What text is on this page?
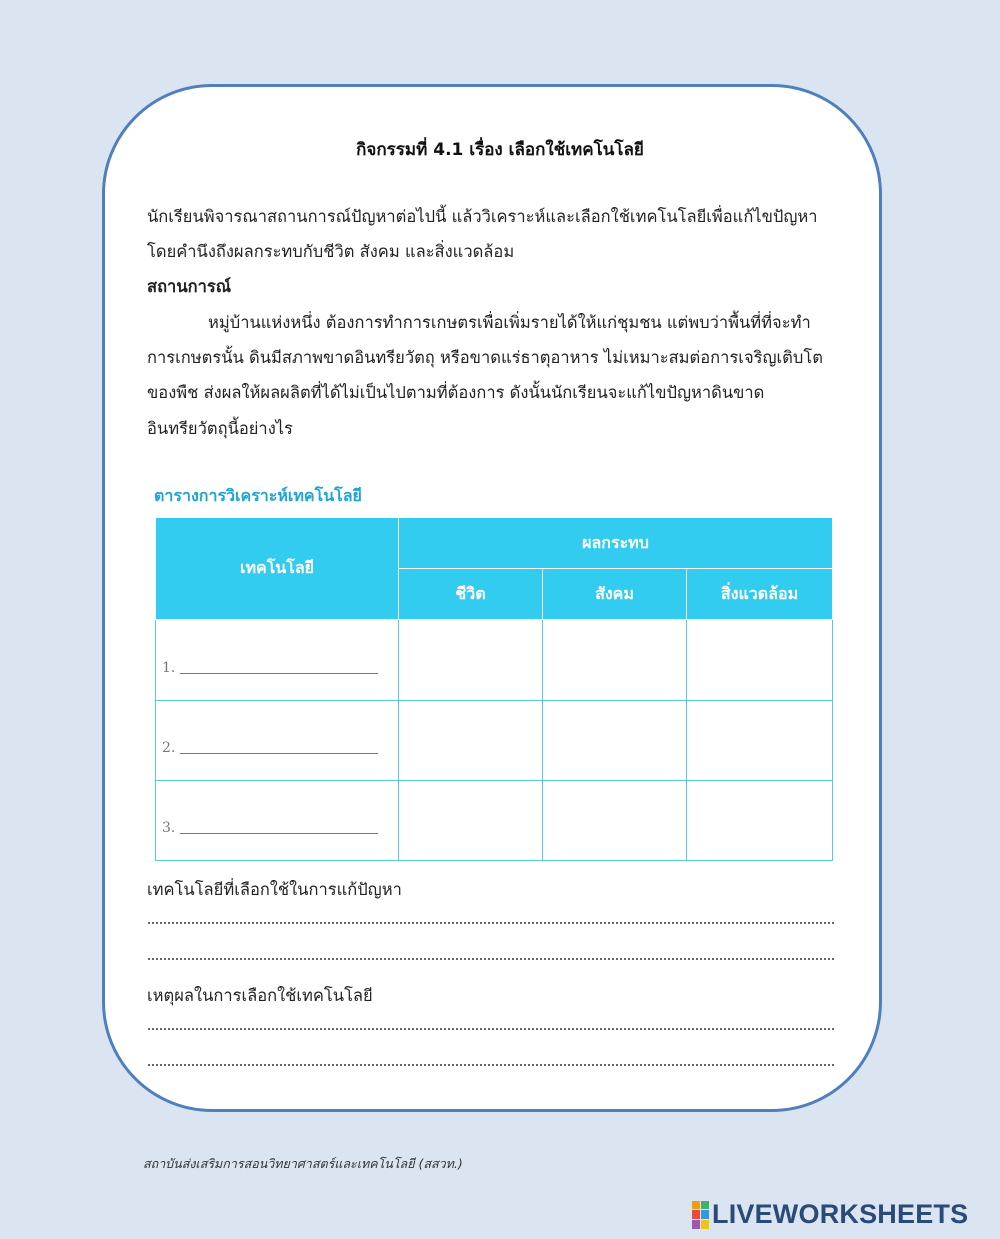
กิจกรรมที่ 4.1 เรื่อง เลือกใช้เทคโนโลยี
นักเรียนพิจารณาสถานการณ์ปัญหาต่อไปนี้ แล้ววิเคราะห์และเลือกใช้เทคโนโลยีเพื่อแก้ไขปัญหา
โดยคำนึงถึงผลกระทบกับชีวิต สังคม และสิ่งแวดล้อม
สถานการณ์
หมู่บ้านแห่งหนึ่ง ต้องการทำการเกษตรเพื่อเพิ่มรายได้ให้แก่ชุมชน แต่พบว่าพื้นที่ที่จะทำ
การเกษตรนั้น ดินมีสภาพขาดอินทรียวัตถุ หรือขาดแร่ธาตุอาหาร ไม่เหมาะสมต่อการเจริญเติบโต
ของพืช ส่งผลให้ผลผลิตที่ได้ไม่เป็นไปตามที่ต้องการ ดังนั้นนักเรียนจะแก้ไขปัญหาดินขาด
อินทรียวัตถุนี้อย่างไร
ตารางการวิเคราะห์เทคโนโลยี
เทคโนโลยี	ผลกระทบ		
	ชีวิต	สังคม	สิ่งแวดล้อม

1.			

2.			

3.			

เทคโนโลยีที่เลือกใช้ในการแก้ปัญหา
เหตุผลในการเลือกใช้เทคโนโลยี
สถาบันส่งเสริมการสอนวิทยาศาสตร์และเทคโนโลยี (สสวท.)
LIVEWORKSHEETS
